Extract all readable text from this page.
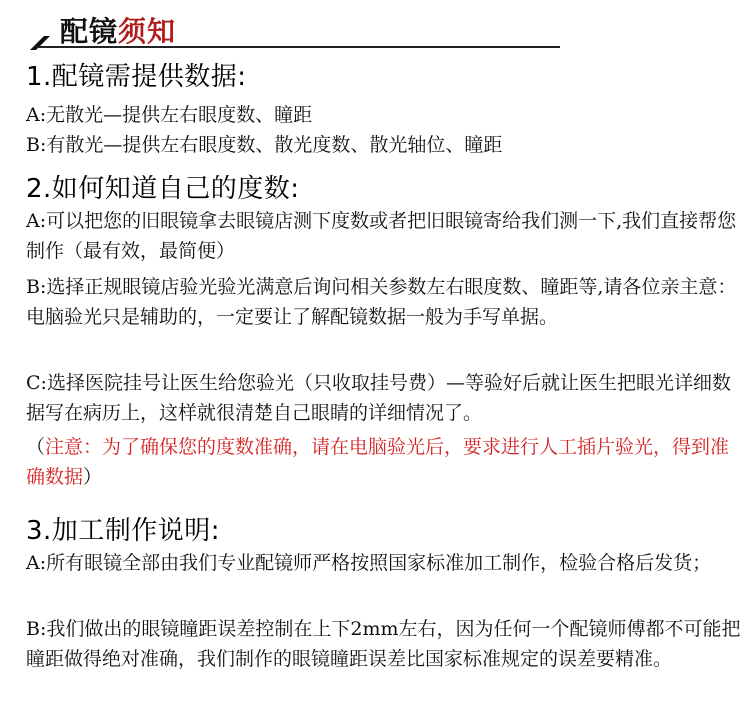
配镜须知
1.配镜需提供数据:
A:无散光—提供左右眼度数、瞳距
B:有散光—提供左右眼度数、散光度数、散光轴位、瞳距
2.如何知道自己的度数:
A:可以把您的旧眼镜拿去眼镜店测下度数或者把旧眼镜寄给我们测一下,我们直接帮您制作（最有效，最简便）
B:选择正规眼镜店验光验光满意后询问相关参数左右眼度数、瞳距等,请各位亲主意：电脑验光只是辅助的，一定要让了解配镜数据一般为手写单据。
C:选择医院挂号让医生给您验光（只收取挂号费）—等验好后就让医生把眼光详细数据写在病历上，这样就很清楚自己眼睛的详细情况了。
（注意：为了确保您的度数准确，请在电脑验光后，要求进行人工插片验光，得到准确数据）
3.加工制作说明:
A:所有眼镜全部由我们专业配镜师严格按照国家标准加工制作，检验合格后发货；
B:我们做出的眼镜瞳距误差控制在上下2mm左右，因为任何一个配镜师傅都不可能把瞳距做得绝对准确，我们制作的眼镜瞳距误差比国家标准规定的误差要精准。
